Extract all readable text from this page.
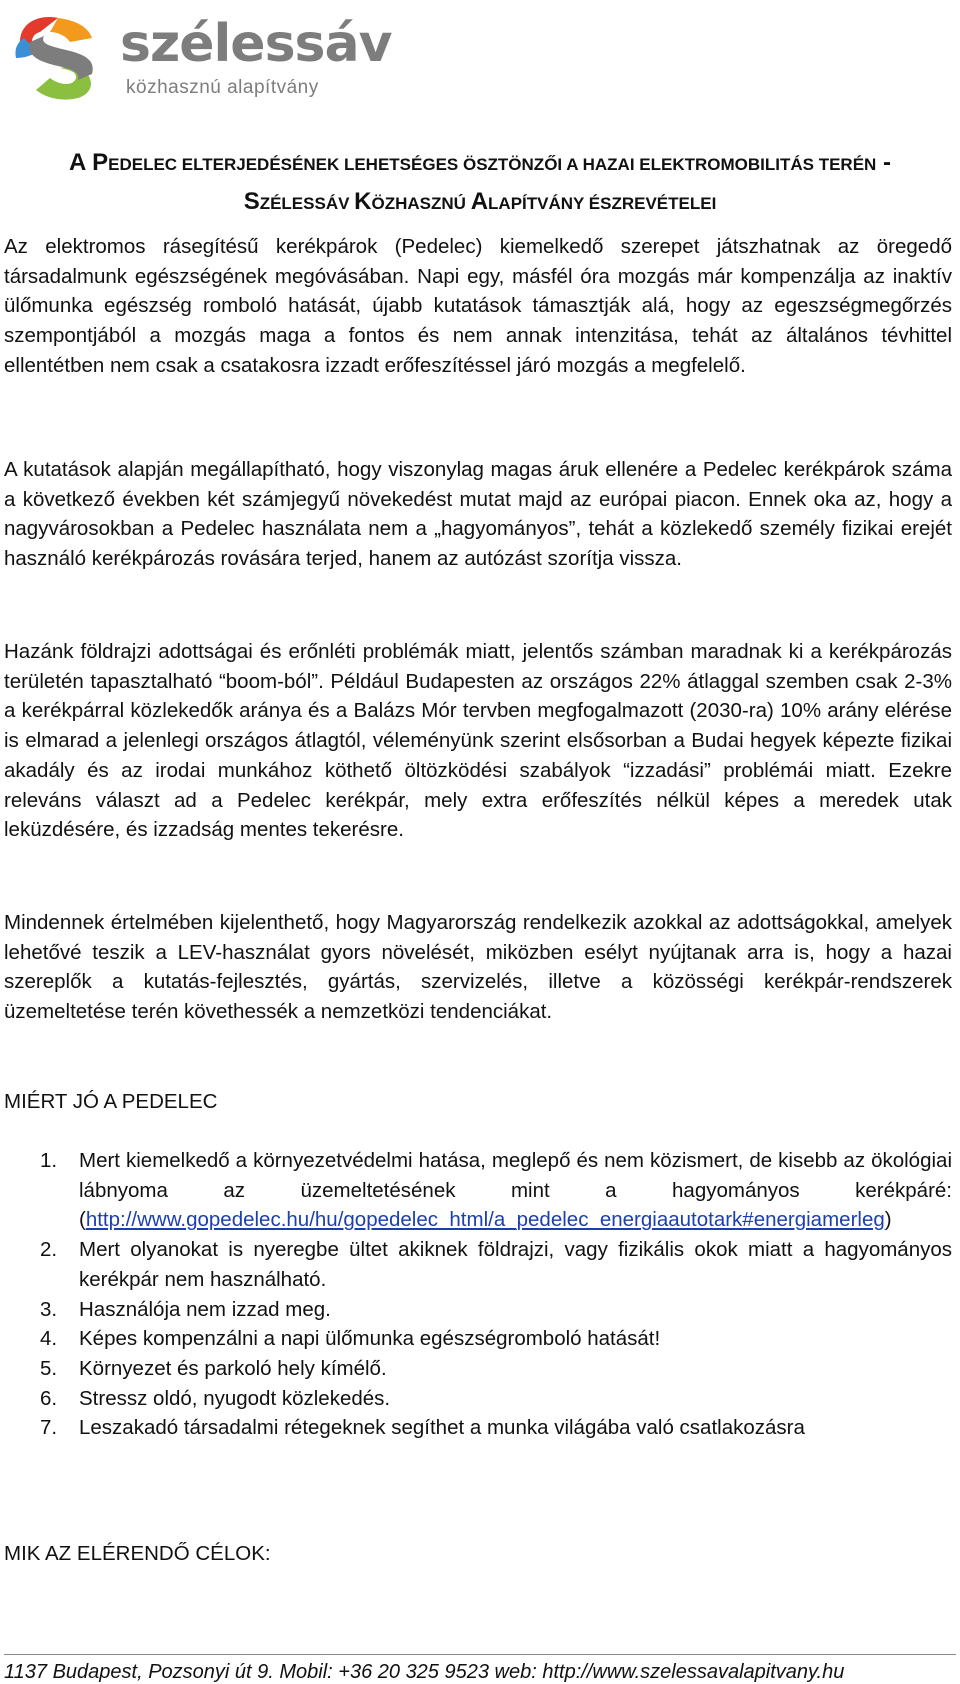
szélessáv
közhasznú alapítvány
A PEDELEC ELTERJEDÉSÉNEK LEHETSÉGES ÖSZTÖNZŐI A HAZAI ELEKTROMOBILITÁS TERÉN -
SZÉLESSÁV KÖZHASZNÚ ALAPÍTVÁNY ÉSZREVÉTELEI

Az elektromos rásegítésű kerékpárok (Pedelec) kiemelkedő szerepet játszhatnak az öregedő társadalmunk egészségének megóvásában. Napi egy, másfél óra mozgás már kompenzálja az inaktív ülőmunka egészség romboló hatását, újabb kutatások támasztják alá, hogy az egeszségmegőrzés szempontjából a mozgás maga a fontos és nem annak intenzitása, tehát az általános tévhittel ellentétben nem csak a csatakosra izzadt erőfeszítéssel járó mozgás a megfelelő.

A kutatások alapján megállapítható, hogy viszonylag magas áruk ellenére a Pedelec kerékpárok száma a következő években két számjegyű növekedést mutat majd az európai piacon. Ennek oka az, hogy a nagyvárosokban a Pedelec használata nem a „hagyományos”, tehát a közlekedő személy fizikai erejét használó kerékpározás rovására terjed, hanem az autózást szorítja vissza.

Hazánk földrajzi adottságai és erőnléti problémák miatt, jelentős számban maradnak ki a kerékpározás területén tapasztalható “boom-ból”. Például Budapesten az országos 22% átlaggal szemben csak 2-3% a kerékpárral közlekedők aránya és a Balázs Mór tervben megfogalmazott (2030-ra) 10% arány elérése is elmarad a jelenlegi országos átlagtól, véleményünk szerint elsősorban a Budai hegyek képezte fizikai akadály és az irodai munkához köthető öltözködési szabályok “izzadási” problémái miatt. Ezekre releváns választ ad a Pedelec kerékpár, mely extra erőfeszítés nélkül képes a meredek utak leküzdésére, és izzadság mentes tekerésre.

Mindennek értelmében kijelenthető, hogy Magyarország rendelkezik azokkal az adottságokkal, amelyek lehetővé teszik a LEV-használat gyors növelését, miközben esélyt nyújtanak arra is, hogy a hazai szereplők a kutatás-fejlesztés, gyártás, szervizelés, illetve a közösségi kerékpár-rendszerek üzemeltetése terén követhessék a nemzetközi tendenciákat.

MIÉRT JÓ A PEDELEC
1. Mert kiemelkedő a környezetvédelmi hatása, meglepő és nem közismert, de kisebb az ökológiai lábnyoma az üzemeltetésének mint a hagyományos kerékpáré: (http://www.gopedelec.hu/hu/gopedelec_html/a_pedelec_energiaautotark#energiamerleg)
2. Mert olyanokat is nyeregbe ültet akiknek földrajzi, vagy fizikális okok miatt a hagyományos kerékpár nem használható.
3. Használója nem izzad meg.
4. Képes kompenzálni a napi ülőmunka egészségromboló hatását!
5. Környezet és parkoló hely kímélő.
6. Stressz oldó, nyugodt közlekedés.
7. Leszakadó társadalmi rétegeknek segíthet a munka világába való csatlakozásra
MIK AZ ELÉRENDŐ CÉLOK:
1137 Budapest, Pozsonyi út 9. Mobil: +36 20 325 9523 web: http://www.szelessavalapitvany.hu
